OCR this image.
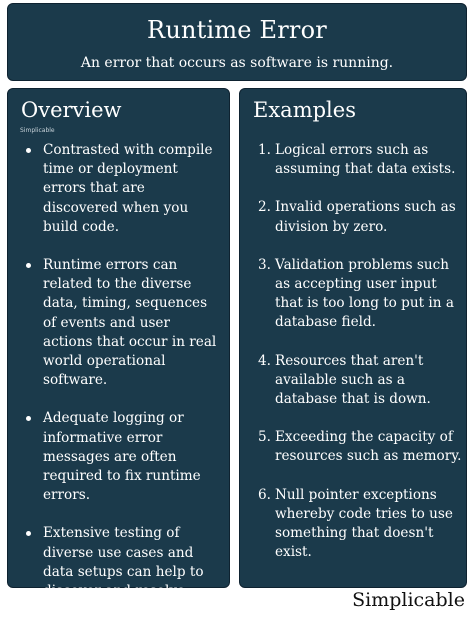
Runtime Error
An error that occurs as software is running.
Overview
Simplicable
Contrasted with compile time or deployment errors that are discovered when you build code.
Runtime errors can related to the diverse data, timing, sequences of events and user actions that occur in real world operational software.
Adequate logging or informative error messages are often required to fix runtime errors.
Extensive testing of diverse use cases and data setups can help to discover and resolve runtime errors.
Examples
1. Logical errors such as assuming that data exists.
2. Invalid operations such as division by zero.
3. Validation problems such as accepting user input that is too long to put in a database field.
4. Resources that aren't available such as a database that is down.
5. Exceeding the capacity of resources such as memory.
6. Null pointer exceptions whereby code tries to use something that doesn't exist.
Simplicable
